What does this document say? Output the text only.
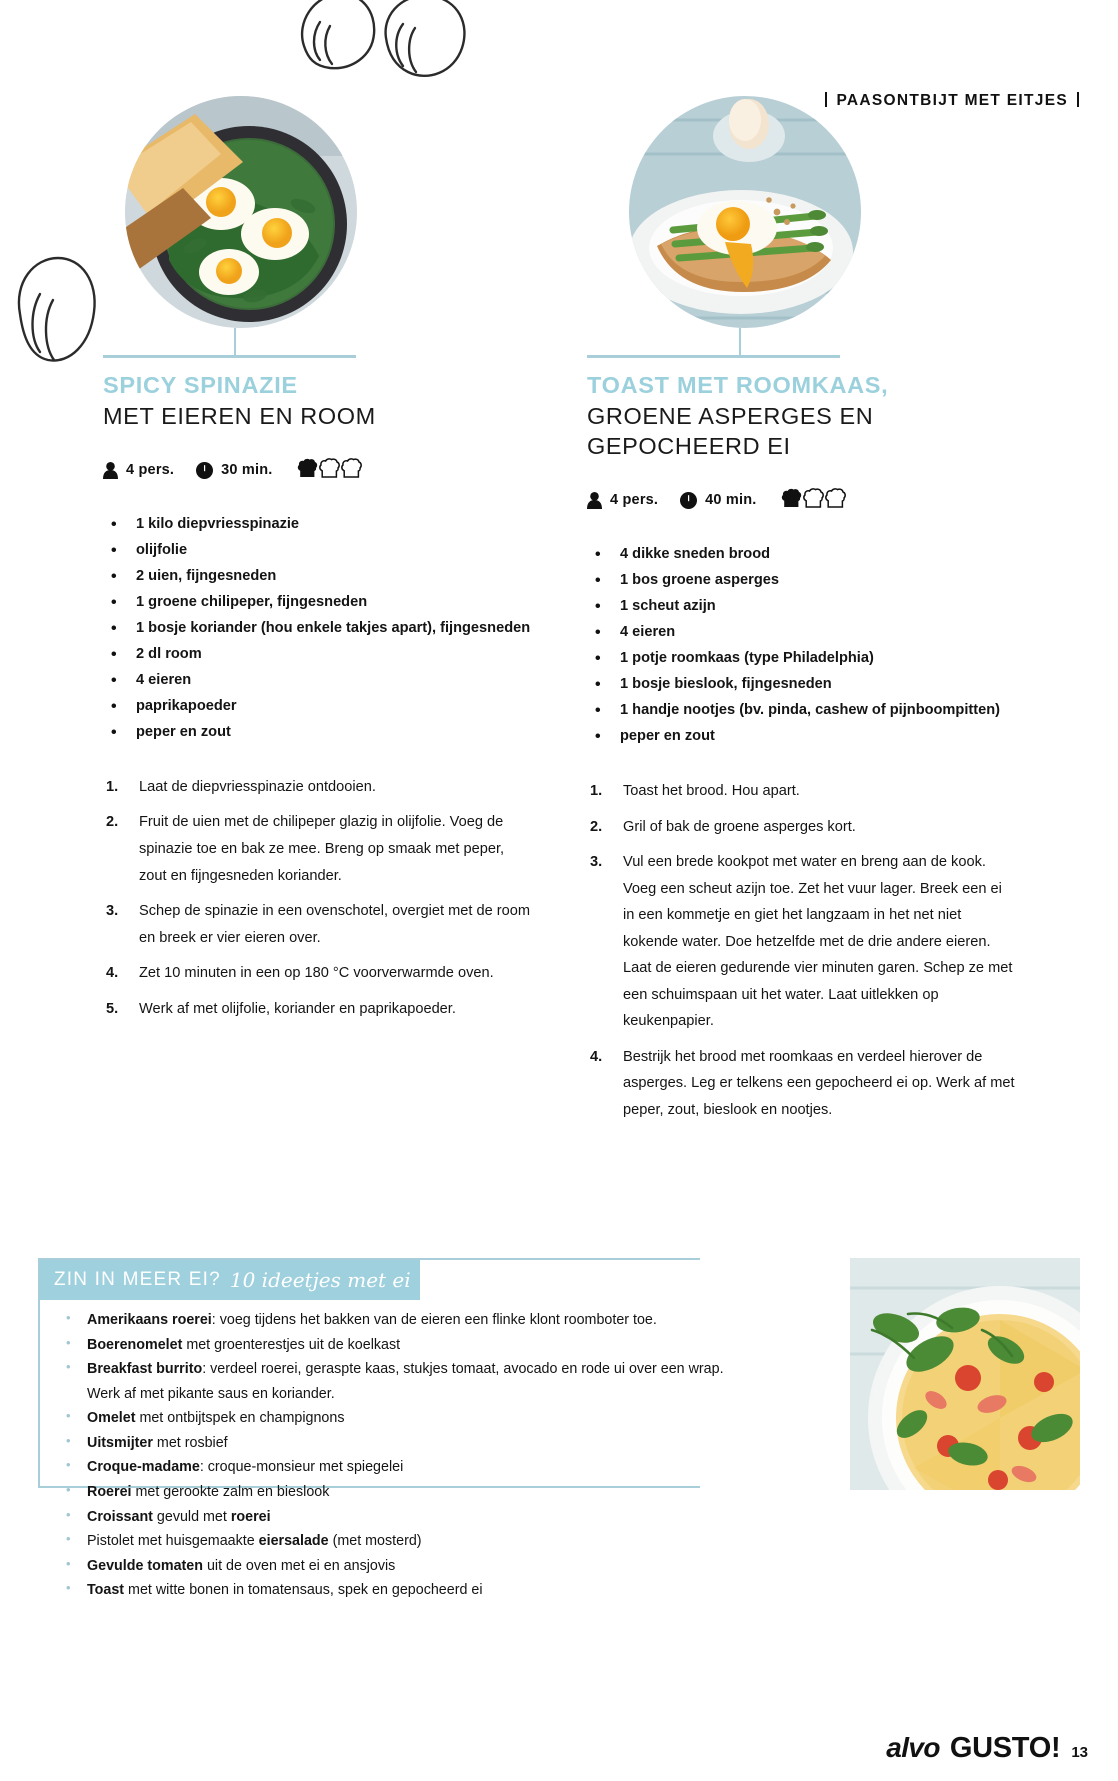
PAASONTBIJT MET EITJES
SPICY SPINAZIE
MET EIEREN EN ROOM
4 pers.	30 min.
• 1 kilo diepvriesspinazie
• olijfolie
• 2 uien, fijngesneden
• 1 groene chilipeper, fijngesneden
• 1 bosje koriander (hou enkele takjes apart), fijngesneden
• 2 dl room
• 4 eieren
• paprikapoeder
• peper en zout
Laat de diepvriesspinazie ontdooien.
Fruit de uien met de chilipeper glazig in olijfolie. Voeg de spinazie toe en bak ze mee. Breng op smaak met peper, zout en fijngesneden koriander.
Schep de spinazie in een ovenschotel, overgiet met de room en breek er vier eieren over.
Zet 10 minuten in een op 180 °C voorverwarmde oven.
Werk af met olijfolie, koriander en paprikapoeder.
TOAST MET ROOMKAAS,
GROENE ASPERGES EN GEPOCHEERD EI
4 pers.	40 min.
• 4 dikke sneden brood
• 1 bos groene asperges
• 1 scheut azijn
• 4 eieren
• 1 potje roomkaas (type Philadelphia)
• 1 bosje bieslook, fijngesneden
• 1 handje nootjes (bv. pinda, cashew of pijnboompitten)
• peper en zout
Toast het brood. Hou apart.
Gril of bak de groene asperges kort.
Vul een brede kookpot met water en breng aan de kook. Voeg een scheut azijn toe. Zet het vuur lager. Breek een ei in een kommetje en giet het langzaam in het net niet kokende water. Doe hetzelfde met de drie andere eieren. Laat de eieren gedurende vier minuten garen. Schep ze met een schuimspaan uit het water. Laat uitlekken op keukenpapier.
Bestrijk het brood met roomkaas en verdeel hierover de asperges. Leg er telkens een gepocheerd ei op. Werk af met peper, zout, bieslook en nootjes.
ZIN IN MEER EI? 10 ideetjes met ei
• Amerikaans roerei: voeg tijdens het bakken van de eieren een flinke klont roomboter toe.
• Boerenomelet met groenterestjes uit de koelkast
• Breakfast burrito: verdeel roerei, geraspte kaas, stukjes tomaat, avocado en rode ui over een wrap. Werk af met pikante saus en koriander.
• Omelet met ontbijtspek en champignons
• Uitsmijter met rosbief
• Croque-madame: croque-monsieur met spiegelei
• Roerei met gerookte zalm en bieslook
• Croissant gevuld met roerei
• Pistolet met huisgemaakte eiersalade (met mosterd)
• Gevulde tomaten uit de oven met ei en ansjovis
• Toast met witte bonen in tomatensaus, spek en gepocheerd ei
alvo GUSTO! 13
